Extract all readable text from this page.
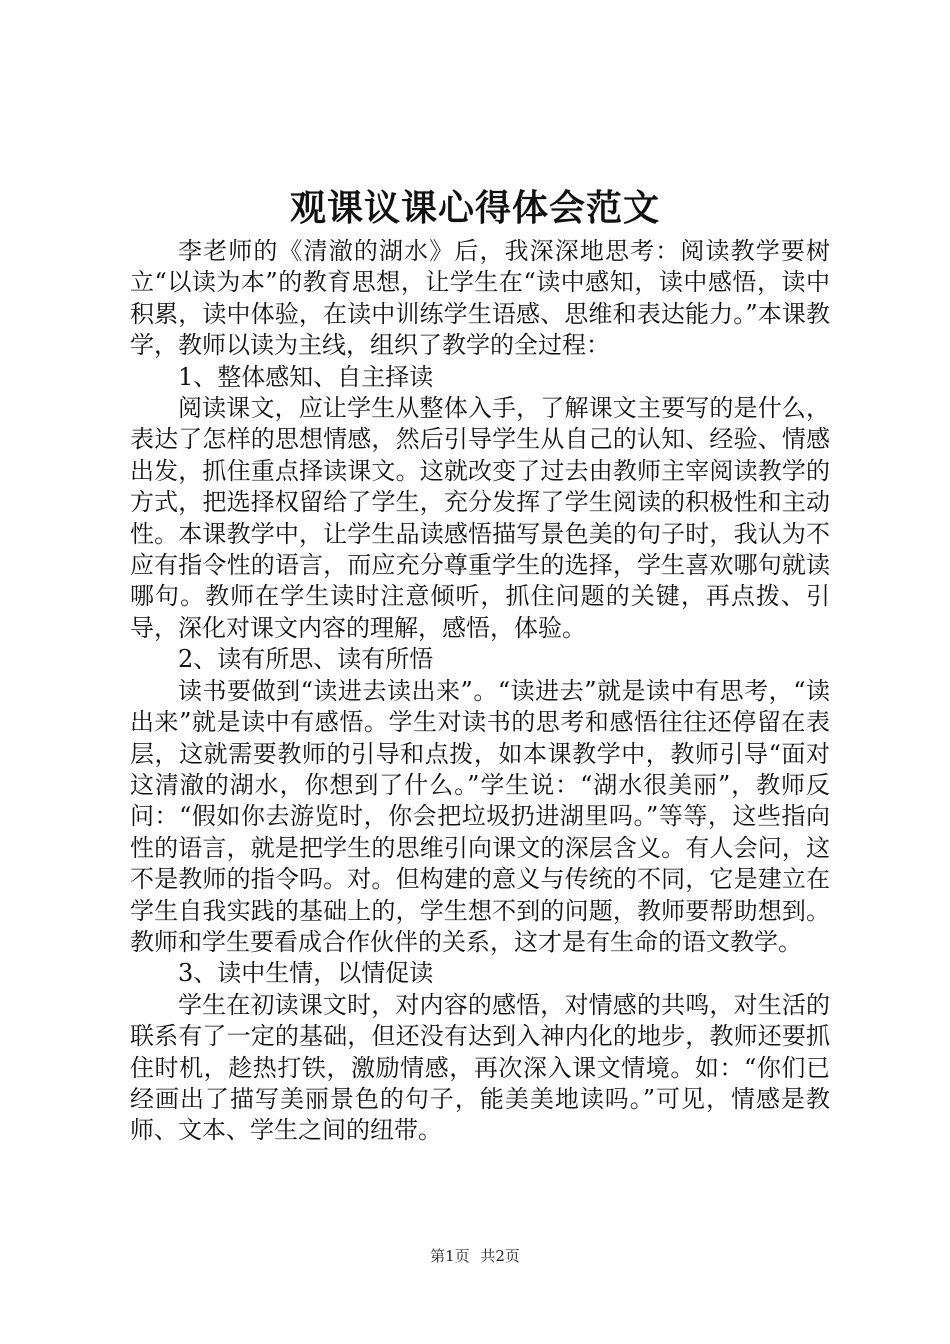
观课议课心得体会范文

李老师的《清澈的湖水》后，我深深地思考：阅读教学要树立“以读为本”的教育思想，让学生在“读中感知，读中感悟，读中积累，读中体验，在读中训练学生语感、思维和表达能力。”本课教学，教师以读为主线，组织了教学的全过程：

1、整体感知、自主择读

阅读课文，应让学生从整体入手，了解课文主要写的是什么，表达了怎样的思想情感，然后引导学生从自己的认知、经验、情感出发，抓住重点择读课文。这就改变了过去由教师主宰阅读教学的方式，把选择权留给了学生，充分发挥了学生阅读的积极性和主动性。本课教学中，让学生品读感悟描写景色美的句子时，我认为不应有指令性的语言，而应充分尊重学生的选择，学生喜欢哪句就读哪句。教师在学生读时注意倾听，抓住问题的关键，再点拨、引导，深化对课文内容的理解，感悟，体验。

2、读有所思、读有所悟

读书要做到“读进去读出来”。“读进去”就是读中有思考，“读出来”就是读中有感悟。学生对读书的思考和感悟往往还停留在表层，这就需要教师的引导和点拨，如本课教学中，教师引导“面对这清澈的湖水，你想到了什么。”学生说：“湖水很美丽”，教师反问：“假如你去游览时，你会把垃圾扔进湖里吗。”等等，这些指向性的语言，就是把学生的思维引向课文的深层含义。有人会问，这不是教师的指令吗。对。但构建的意义与传统的不同，它是建立在学生自我实践的基础上的，学生想不到的问题，教师要帮助想到。教师和学生要看成合作伙伴的关系，这才是有生命的语文教学。

3、读中生情，以情促读

学生在初读课文时，对内容的感悟，对情感的共鸣，对生活的联系有了一定的基础，但还没有达到入神内化的地步，教师还要抓住时机，趁热打铁，激励情感，再次深入课文情境。如：“你们已经画出了描写美丽景色的句子，能美美地读吗。”可见，情感是教师、文本、学生之间的纽带。

第1页 共2页
